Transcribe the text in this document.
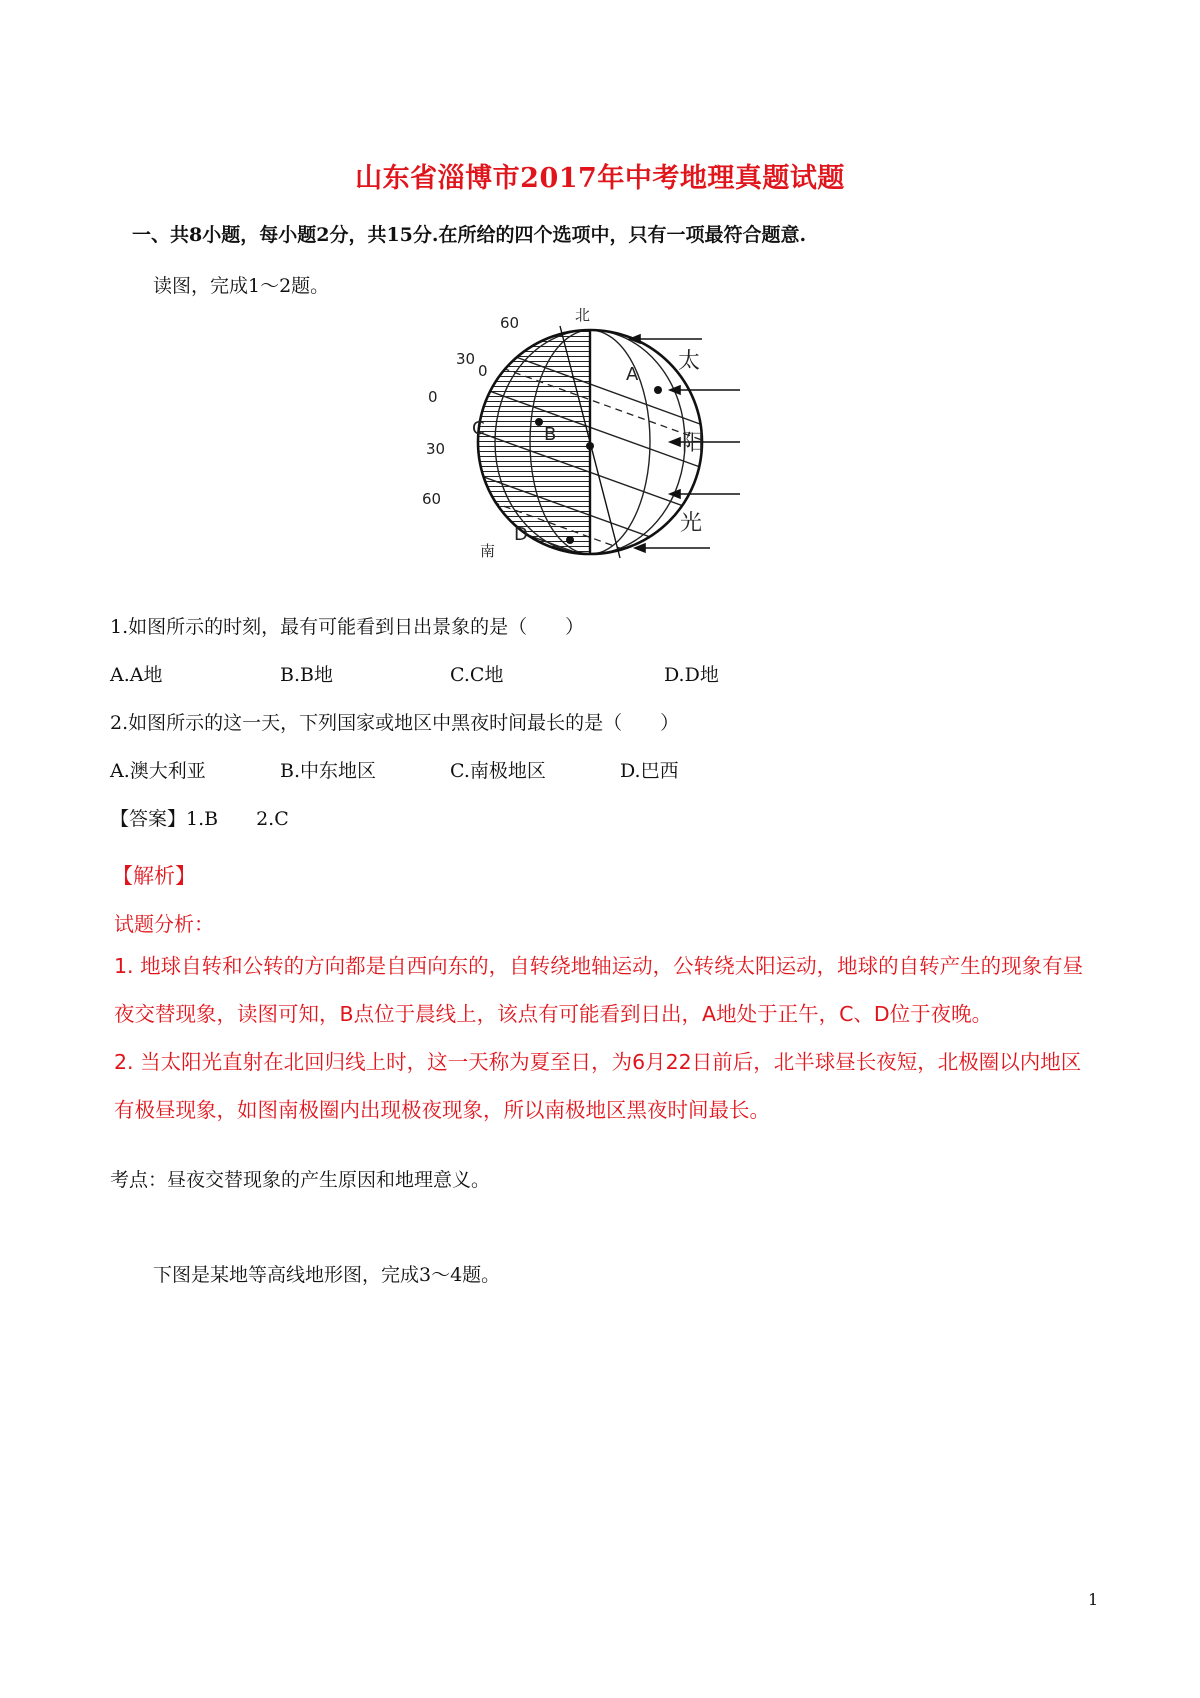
山东省淄博市2017年中考地理真题试题
一、共8小题，每小题2分，共15分.在所给的四个选项中，只有一项最符合题意.
读图，完成1～2题。
60
30
0
30
60
0	A
B
C
D
北
南
太
阳
光
1.如图所示的时刻，最有可能看到日出景象的是（　　）
A.A地	B.B地	C.C地	D.D地
2.如图所示的这一天，下列国家或地区中黑夜时间最长的是（　　）
A.澳大利亚	B.中东地区	C.南极地区	D.巴西
【答案】1.B　　2.C
【解析】
试题分析：
1. 地球自转和公转的方向都是自西向东的，自转绕地轴运动，公转绕太阳运动，地球的自转产生的现象有昼夜交替现象，读图可知，B点位于晨线上，该点有可能看到日出，A地处于正午，C、D位于夜晚。
2. 当太阳光直射在北回归线上时，这一天称为夏至日，为6月22日前后，北半球昼长夜短，北极圈以内地区有极昼现象，如图南极圈内出现极夜现象，所以南极地区黑夜时间最长。
考点：昼夜交替现象的产生原因和地理意义。
下图是某地等高线地形图，完成3～4题。
1
